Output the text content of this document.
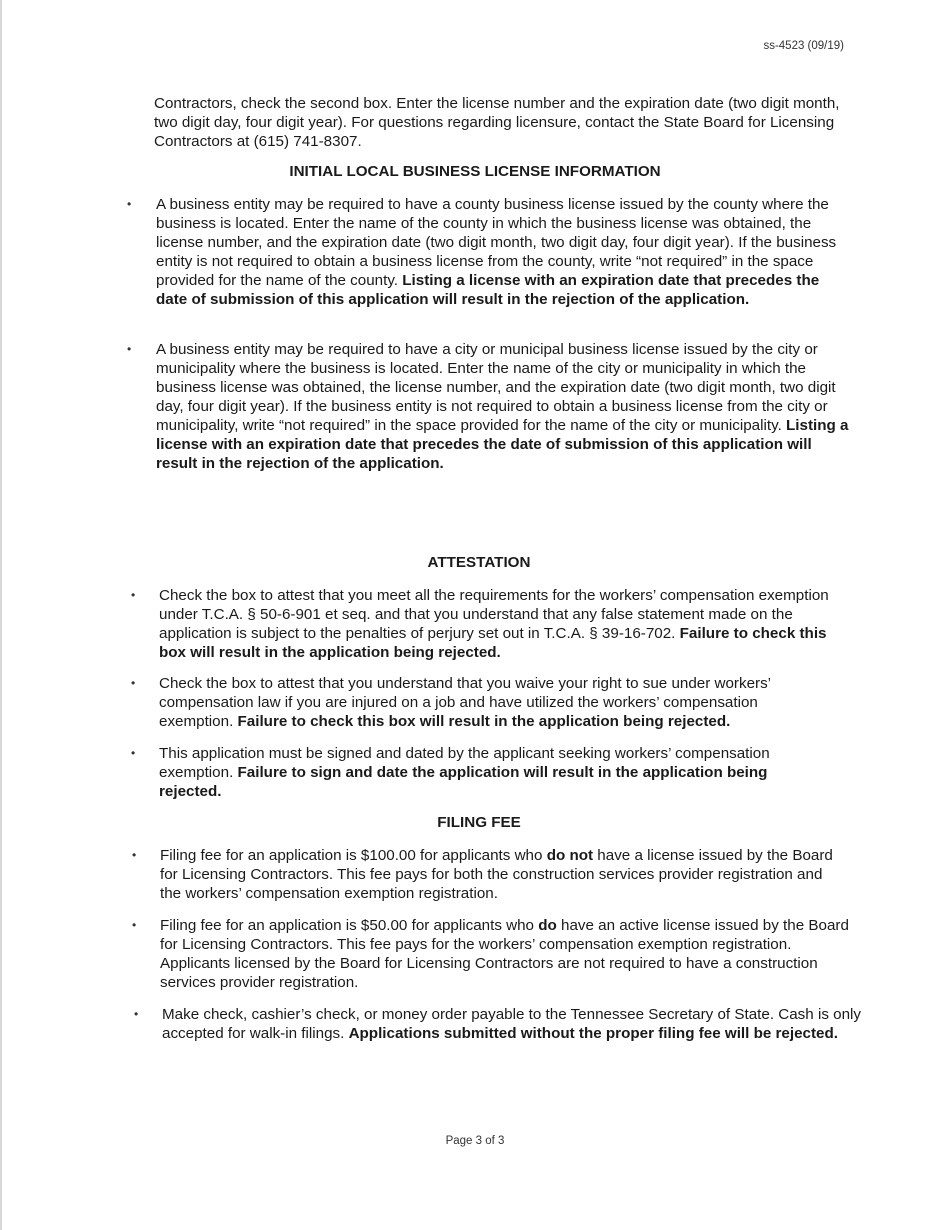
ss-4523 (09/19)

Contractors, check the second box. Enter the license number and the expiration date (two digit month, two digit day, four digit year). For questions regarding licensure, contact the State Board for Licensing Contractors at (615) 741-8307.

INITIAL LOCAL BUSINESS LICENSE INFORMATION

• A business entity may be required to have a county business license issued by the county where the business is located. Enter the name of the county in which the business license was obtained, the license number, and the expiration date (two digit month, two digit day, four digit year). If the business entity is not required to obtain a business license from the county, write “not required” in the space provided for the name of the county. Listing a license with an expiration date that precedes the date of submission of this application will result in the rejection of the application.

• A business entity may be required to have a city or municipal business license issued by the city or municipality where the business is located. Enter the name of the city or municipality in which the business license was obtained, the license number, and the expiration date (two digit month, two digit day, four digit year). If the business entity is not required to obtain a business license from the city or municipality, write “not required” in the space provided for the name of the city or municipality. Listing a license with an expiration date that precedes the date of submission of this application will result in the rejection of the application.

ATTESTATION

• Check the box to attest that you meet all the requirements for the workers’ compensation exemption under T.C.A. § 50-6-901 et seq. and that you understand that any false statement made on the application is subject to the penalties of perjury set out in T.C.A. § 39-16-702. Failure to check this box will result in the application being rejected.

• Check the box to attest that you understand that you waive your right to sue under workers’ compensation law if you are injured on a job and have utilized the workers’ compensation exemption. Failure to check this box will result in the application being rejected.

• This application must be signed and dated by the applicant seeking workers’ compensation exemption. Failure to sign and date the application will result in the application being rejected.

FILING FEE

• Filing fee for an application is $100.00 for applicants who do not have a license issued by the Board for Licensing Contractors. This fee pays for both the construction services provider registration and the workers’ compensation exemption registration.

• Filing fee for an application is $50.00 for applicants who do have an active license issued by the Board for Licensing Contractors. This fee pays for the workers’ compensation exemption registration. Applicants licensed by the Board for Licensing Contractors are not required to have a construction services provider registration.

• Make check, cashier’s check, or money order payable to the Tennessee Secretary of State. Cash is only accepted for walk-in filings. Applications submitted without the proper filing fee will be rejected.

Page 3 of 3
